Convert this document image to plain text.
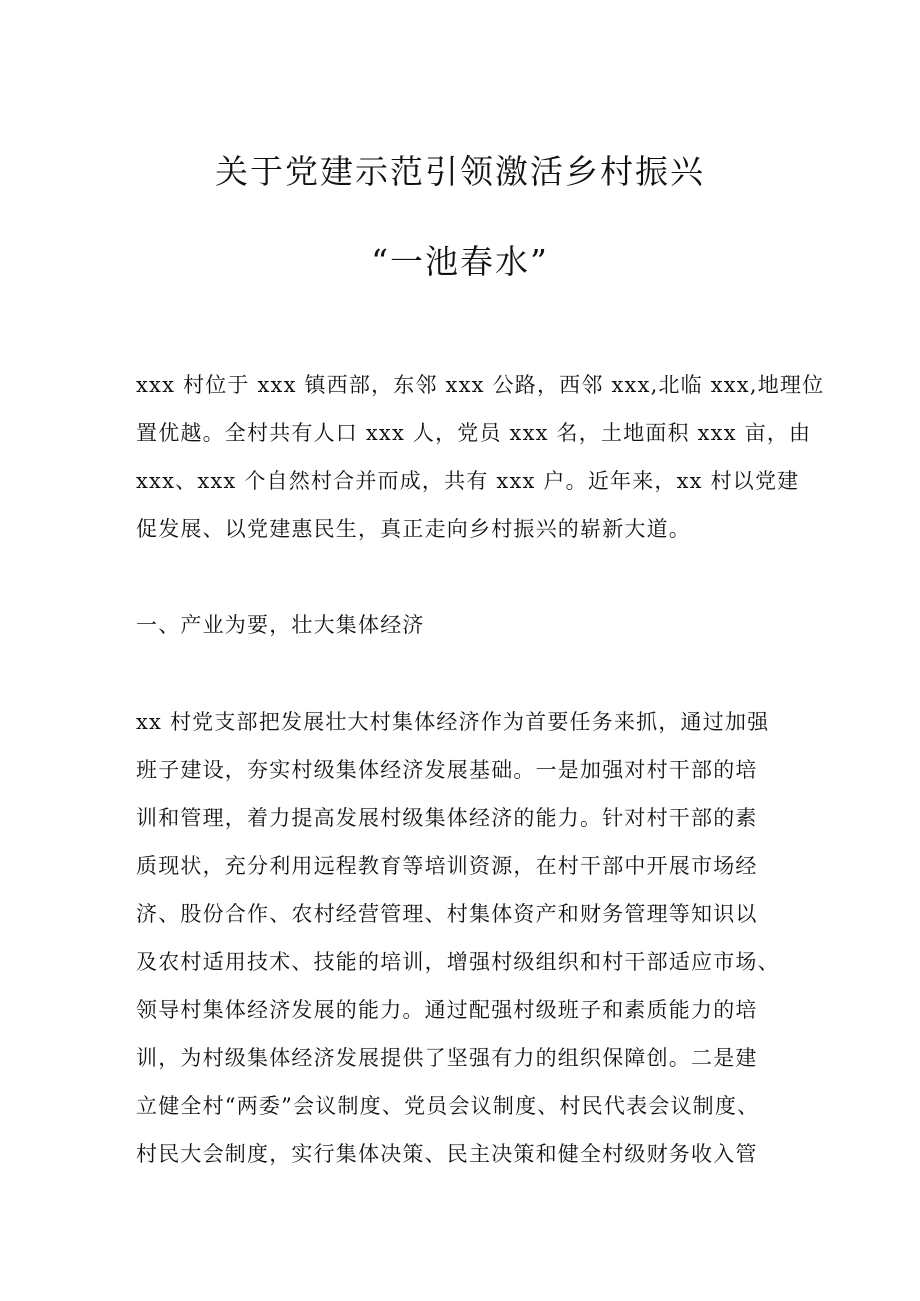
关于党建示范引领激活乡村振兴
“一池春水”
xxx 村位于 xxx 镇西部，东邻 xxx 公路，西邻 xxx,北临 xxx,地理位
置优越。全村共有人口 xxx 人，党员 xxx 名，土地面积 xxx 亩，由
xxx、xxx 个自然村合并而成，共有 xxx 户。近年来，xx 村以党建
促发展、以党建惠民生，真正走向乡村振兴的崭新大道。
一、产业为要，壮大集体经济
xx 村党支部把发展壮大村集体经济作为首要任务来抓，通过加强
班子建设，夯实村级集体经济发展基础。一是加强对村干部的培
训和管理，着力提高发展村级集体经济的能力。针对村干部的素
质现状，充分利用远程教育等培训资源，在村干部中开展市场经
济、股份合作、农村经营管理、村集体资产和财务管理等知识以
及农村适用技术、技能的培训，增强村级组织和村干部适应市场、
领导村集体经济发展的能力。通过配强村级班子和素质能力的培
训，为村级集体经济发展提供了坚强有力的组织保障创。二是建
立健全村“两委”会议制度、党员会议制度、村民代表会议制度、
村民大会制度，实行集体决策、民主决策和健全村级财务收入管
